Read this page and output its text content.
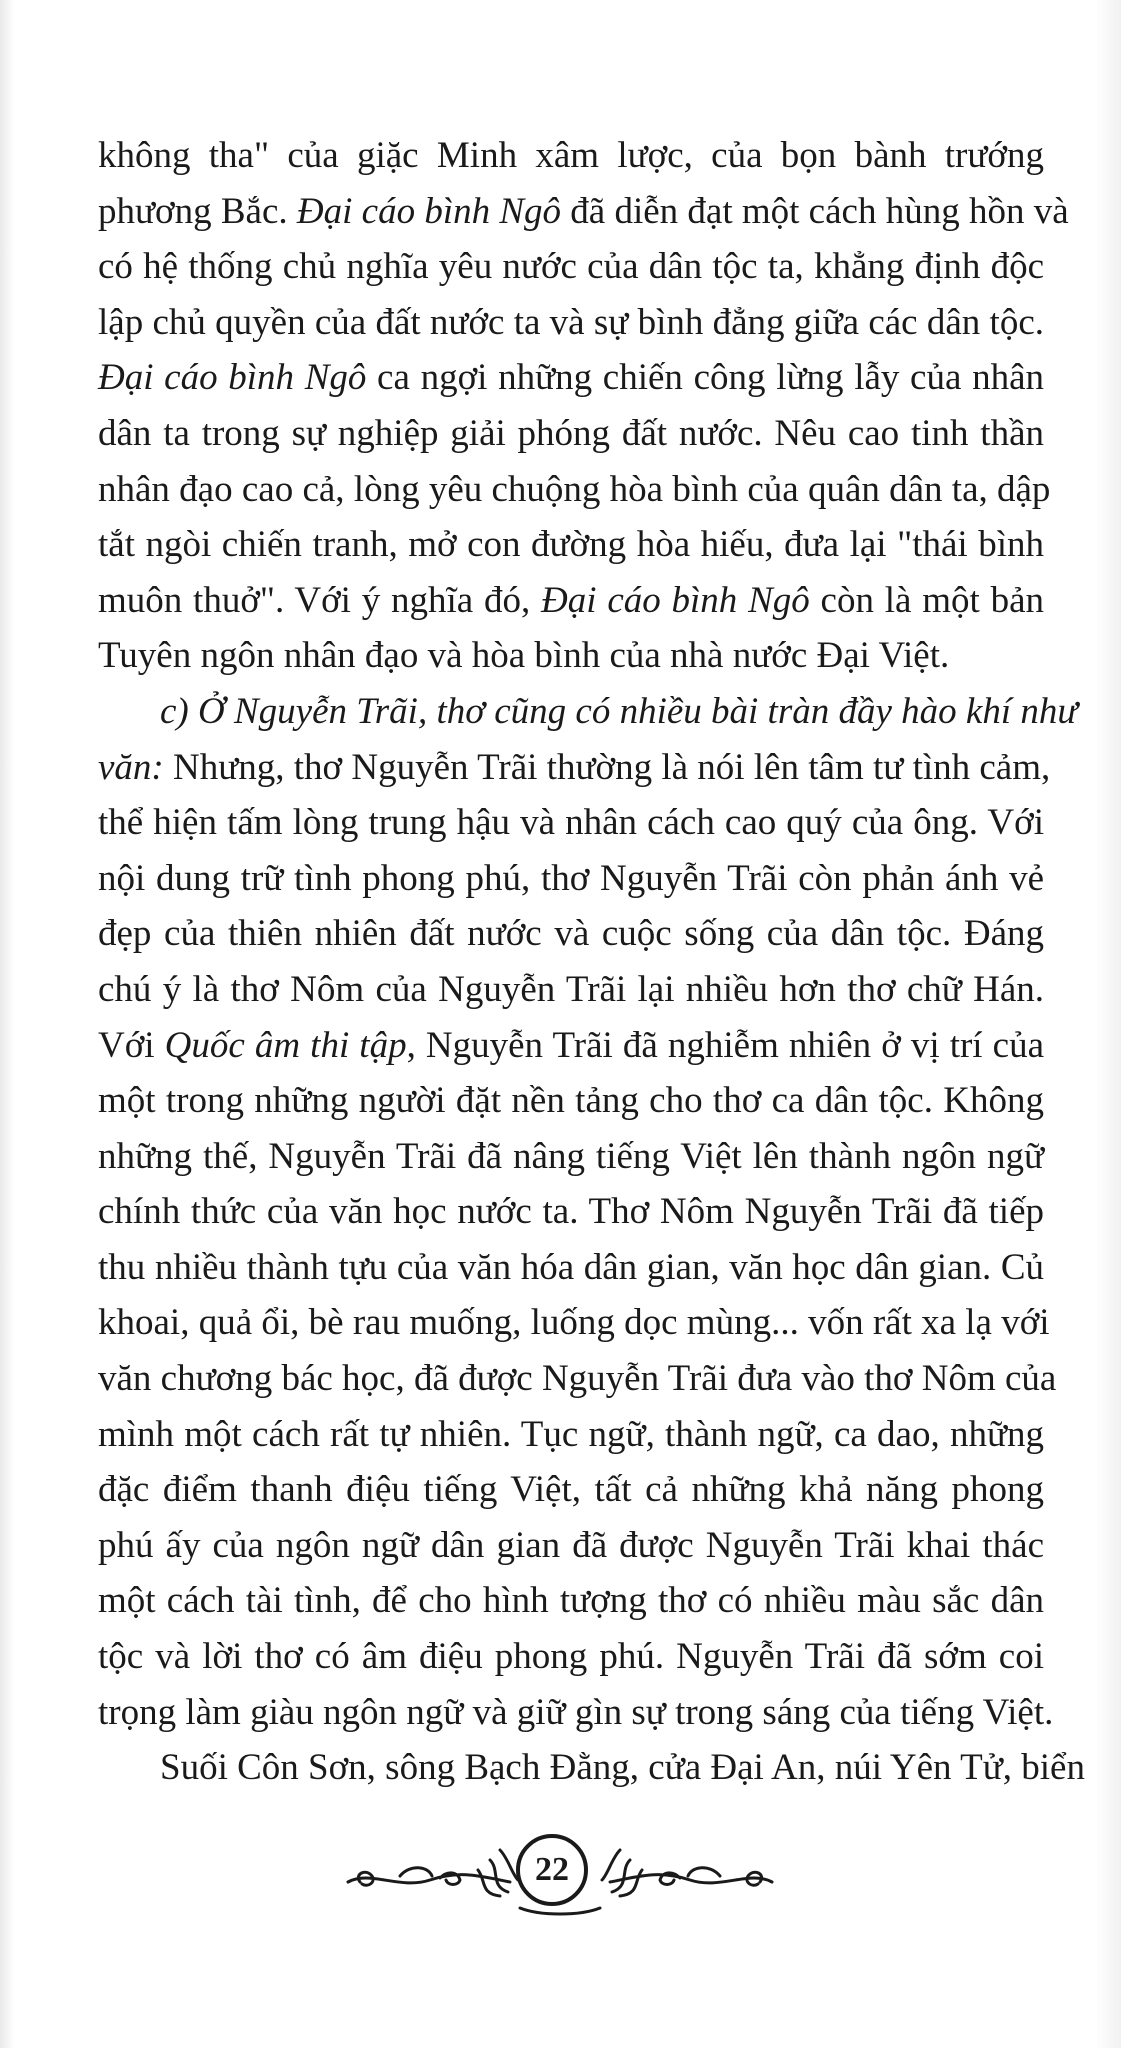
không tha" của giặc Minh xâm lược, của bọn bành trướng
phương Bắc. Đại cáo bình Ngô đã diễn đạt một cách hùng hồn và
có hệ thống chủ nghĩa yêu nước của dân tộc ta, khẳng định độc
lập chủ quyền của đất nước ta và sự bình đẳng giữa các dân tộc.
Đại cáo bình Ngô ca ngợi những chiến công lừng lẫy của nhân
dân ta trong sự nghiệp giải phóng đất nước. Nêu cao tinh thần
nhân đạo cao cả, lòng yêu chuộng hòa bình của quân dân ta, dập
tắt ngòi chiến tranh, mở con đường hòa hiếu, đưa lại "thái bình
muôn thuở". Với ý nghĩa đó, Đại cáo bình Ngô còn là một bản
Tuyên ngôn nhân đạo và hòa bình của nhà nước Đại Việt.
c) Ở Nguyễn Trãi, thơ cũng có nhiều bài tràn đầy hào khí như
văn: Nhưng, thơ Nguyễn Trãi thường là nói lên tâm tư tình cảm,
thể hiện tấm lòng trung hậu và nhân cách cao quý của ông. Với
nội dung trữ tình phong phú, thơ Nguyễn Trãi còn phản ánh vẻ
đẹp của thiên nhiên đất nước và cuộc sống của dân tộc. Đáng
chú ý là thơ Nôm của Nguyễn Trãi lại nhiều hơn thơ chữ Hán.
Với Quốc âm thi tập, Nguyễn Trãi đã nghiễm nhiên ở vị trí của
một trong những người đặt nền tảng cho thơ ca dân tộc. Không
những thế, Nguyễn Trãi đã nâng tiếng Việt lên thành ngôn ngữ
chính thức của văn học nước ta. Thơ Nôm Nguyễn Trãi đã tiếp
thu nhiều thành tựu của văn hóa dân gian, văn học dân gian. Củ
khoai, quả ổi, bè rau muống, luống dọc mùng... vốn rất xa lạ với
văn chương bác học, đã được Nguyễn Trãi đưa vào thơ Nôm của
mình một cách rất tự nhiên. Tục ngữ, thành ngữ, ca dao, những
đặc điểm thanh điệu tiếng Việt, tất cả những khả năng phong
phú ấy của ngôn ngữ dân gian đã được Nguyễn Trãi khai thác
một cách tài tình, để cho hình tượng thơ có nhiều màu sắc dân
tộc và lời thơ có âm điệu phong phú. Nguyễn Trãi đã sớm coi
trọng làm giàu ngôn ngữ và giữ gìn sự trong sáng của tiếng Việt.
Suối Côn Sơn, sông Bạch Đằng, cửa Đại An, núi Yên Tử, biển
22
